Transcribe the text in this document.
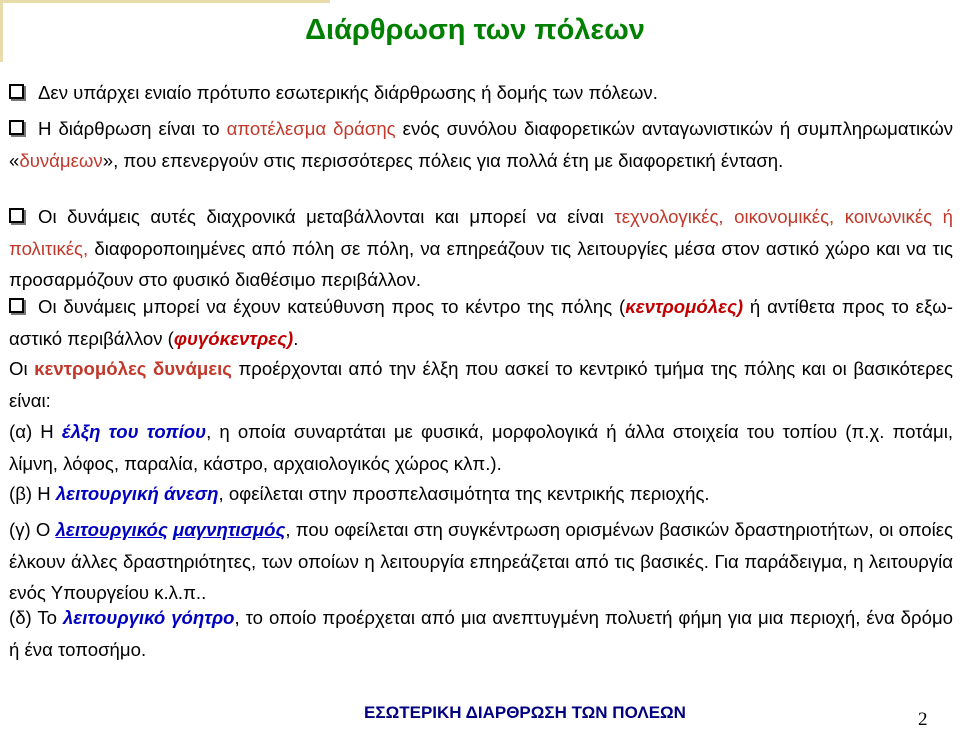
Διάρθρωση των πόλεων
Δεν υπάρχει ενιαίο πρότυπο εσωτερικής διάρθρωσης ή δομής των πόλεων.
Η διάρθρωση είναι το αποτέλεσμα δράσης ενός συνόλου διαφορετικών ανταγωνιστικών ή συμπληρωματικών «δυνάμεων», που επενεργούν στις περισσότερες πόλεις για πολλά έτη με διαφορετική ένταση.
Οι δυνάμεις αυτές διαχρονικά μεταβάλλονται και μπορεί να είναι τεχνολογικές, οικονομικές, κοινωνικές ή πολιτικές, διαφοροποιημένες από πόλη σε πόλη, να επηρεάζουν τις λειτουργίες μέσα στον αστικό χώρο και να τις προσαρμόζουν στο φυσικό διαθέσιμο περιβάλλον.
Οι δυνάμεις μπορεί να έχουν κατεύθυνση προς το κέντρο της πόλης (κεντρομόλες) ή αντίθετα προς το εξω-αστικό περιβάλλον (φυγόκεντρες).
Οι κεντρομόλες δυνάμεις προέρχονται από την έλξη που ασκεί το κεντρικό τμήμα της πόλης και οι βασικότερες είναι:
(α) Η έλξη του τοπίου, η οποία συναρτάται με φυσικά, μορφολογικά ή άλλα στοιχεία του τοπίου (π.χ. ποτάμι, λίμνη, λόφος, παραλία, κάστρο, αρχαιολογικός χώρος κλπ.).
(β) Η λειτουργική άνεση, οφείλεται στην προσπελασιμότητα της κεντρικής περιοχής.
(γ) Ο λειτουργικός μαγνητισμός, που οφείλεται στη συγκέντρωση ορισμένων βασικών δραστηριοτήτων, οι οποίες έλκουν άλλες δραστηριότητες, των οποίων η λειτουργία επηρεάζεται από τις βασικές. Για παράδειγμα, η λειτουργία ενός Υπουργείου κ.λ.π..
(δ) Το λειτουργικό γόητρο, το οποίο προέρχεται από μια ανεπτυγμένη πολυετή φήμη για μια περιοχή, ένα δρόμο ή ένα τοποσήμο.
ΕΣΩΤΕΡΙΚΗ ΔΙΑΡΘΡΩΣΗ ΤΩΝ ΠΟΛΕΩΝ	2
